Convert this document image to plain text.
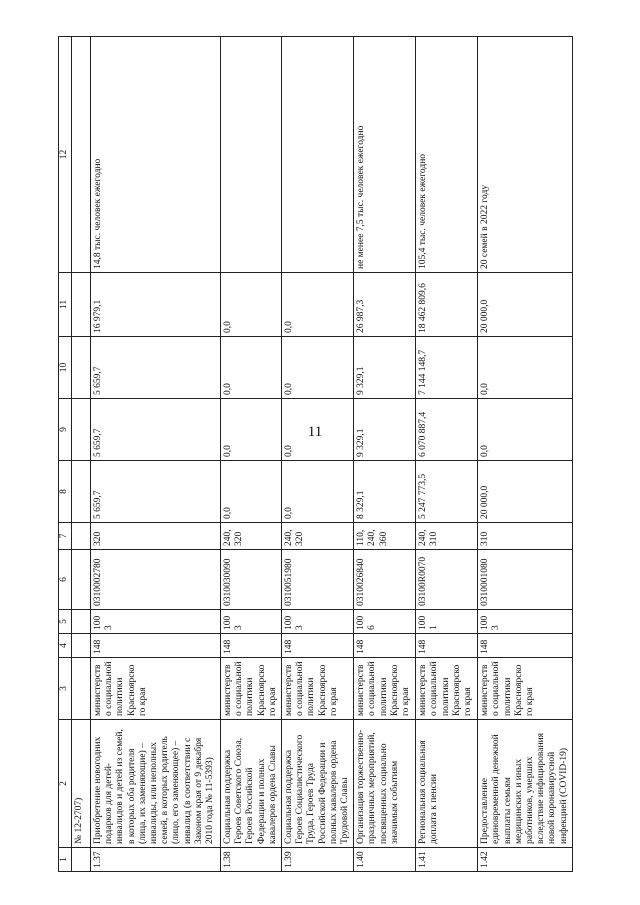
11
1	2	3	4	5	6	7	8	9	10	11	12
	№ 12-2707)										
1.37	Приобретение новогодних подарков для детей-инвалидов и детей из семей, в которых оба родителя (лица, их заменяющие) – инвалиды, или неполных семей, в которых родитель (лицо, его заменяющее) – инвалид (в соответствии с Законом края от 9 декабря 2010 года № 11-5393)	министерство социальной политики Красноярского края	148	1003	0310002780	320	5 659,7	5 659,7	5 659,7	16 979,1	14,8 тыс. человек ежегодно
1.38	Социальная поддержка Героев Советского Союза, Героев Российской Федерации и полных кавалеров ордена Славы	министерство социальной политики Красноярского края	148	1003	0310030090	240, 320	0,0	0,0	0,0	0,0	
1.39	Социальная поддержка Героев Социалистического Труда, Героев Труда Российской Федерации и полных кавалеров ордена Трудовой Славы	министерство социальной политики Красноярского края	148	1003	0310051980	240, 320	0,0	0,0	0,0	0,0	
1.40	Организация торжественно-праздничных мероприятий, посвященных социально значимым событиям	министерство социальной политики Красноярского края	148	1006	0310026840	110, 240, 360	8 329,1	9 329,1	9 329,1	26 987,3	не менее 7,5 тыс. человек ежегодно
1.41	Региональная социальная доплата к пенсии	министерство социальной политики Красноярского края	148	1001	03100R0070	240, 310	5 247 773,5	6 070 887,4	7 144 148,7	18 462 809,6	105,4 тыс. человек ежегодно
1.42	Предоставление единовременной денежной выплаты семьям медицинских и иных работников, умерших вследствие инфицирования новой коронавирусной инфекцией (COVID-19)	министерство социальной политики Красноярского края	148	1003	0310001080	310	20 000,0	0,0	0,0	20 000,0	20 семей в 2022 году
